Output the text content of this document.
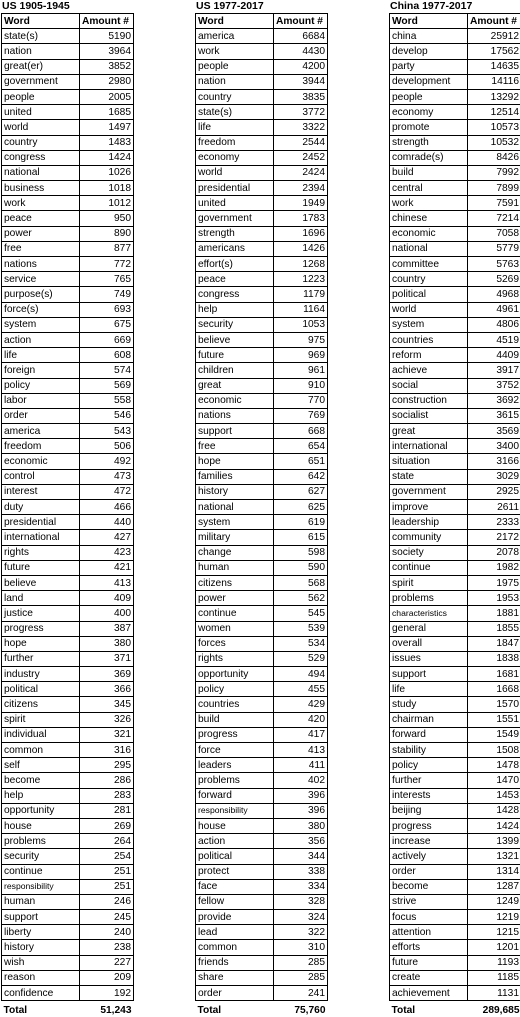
US 1905-1945
Word	Amount #
state(s)	5190
nation	3964
great(er)	3852
government	2980
people	2005
united	1685
world	1497
country	1483
congress	1424
national	1026
business	1018
work	1012
peace	950
power	890
free	877
nations	772
service	765
purpose(s)	749
force(s)	693
system	675
action	669
life	608
foreign	574
policy	569
labor	558
order	546
america	543
freedom	506
economic	492
control	473
interest	472
duty	466
presidential	440
international	427
rights	423
future	421
believe	413
land	409
justice	400
progress	387
hope	380
further	371
industry	369
political	366
citizens	345
spirit	326
individual	321
common	316
self	295
become	286
help	283
opportunity	281
house	269
problems	264
security	254
continue	251
responsibility	251
human	246
support	245
liberty	240
history	238
wish	227
reason	209
confidence	192
Total	51,243
US 1977-2017
Word	Amount #
america	6684
work	4430
people	4200
nation	3944
country	3835
state(s)	3772
life	3322
freedom	2544
economy	2452
world	2424
presidential	2394
united	1949
government	1783
strength	1696
americans	1426
effort(s)	1268
peace	1223
congress	1179
help	1164
security	1053
believe	975
future	969
children	961
great	910
economic	770
nations	769
support	668
free	654
hope	651
families	642
history	627
national	625
system	619
military	615
change	598
human	590
citizens	568
power	562
continue	545
women	539
forces	534
rights	529
opportunity	494
policy	455
countries	429
build	420
progress	417
force	413
leaders	411
problems	402
forward	396
responsibility	396
house	380
action	356
political	344
protect	338
face	334
fellow	328
provide	324
lead	322
common	310
friends	285
share	285
order	241
Total	75,760
China 1977-2017
Word	Amount #
china	25912
develop	17562
party	14635
development	14116
people	13292
economy	12514
promote	10573
strength	10532
comrade(s)	8426
build	7992
central	7899
work	7591
chinese	7214
economic	7058
national	5779
committee	5763
country	5269
political	4968
world	4961
system	4806
countries	4519
reform	4409
achieve	3917
social	3752
construction	3692
socialist	3615
great	3569
international	3400
situation	3166
state	3029
government	2925
improve	2611
leadership	2333
community	2172
society	2078
continue	1982
spirit	1975
problems	1953
characteristics	1881
general	1855
overall	1847
issues	1838
support	1681
life	1668
study	1570
chairman	1551
forward	1549
stability	1508
policy	1478
further	1470
interests	1453
beijing	1428
progress	1424
increase	1399
actively	1321
order	1314
become	1287
strive	1249
focus	1219
attention	1215
efforts	1201
future	1193
create	1185
achievement	1131
Total	289,685
